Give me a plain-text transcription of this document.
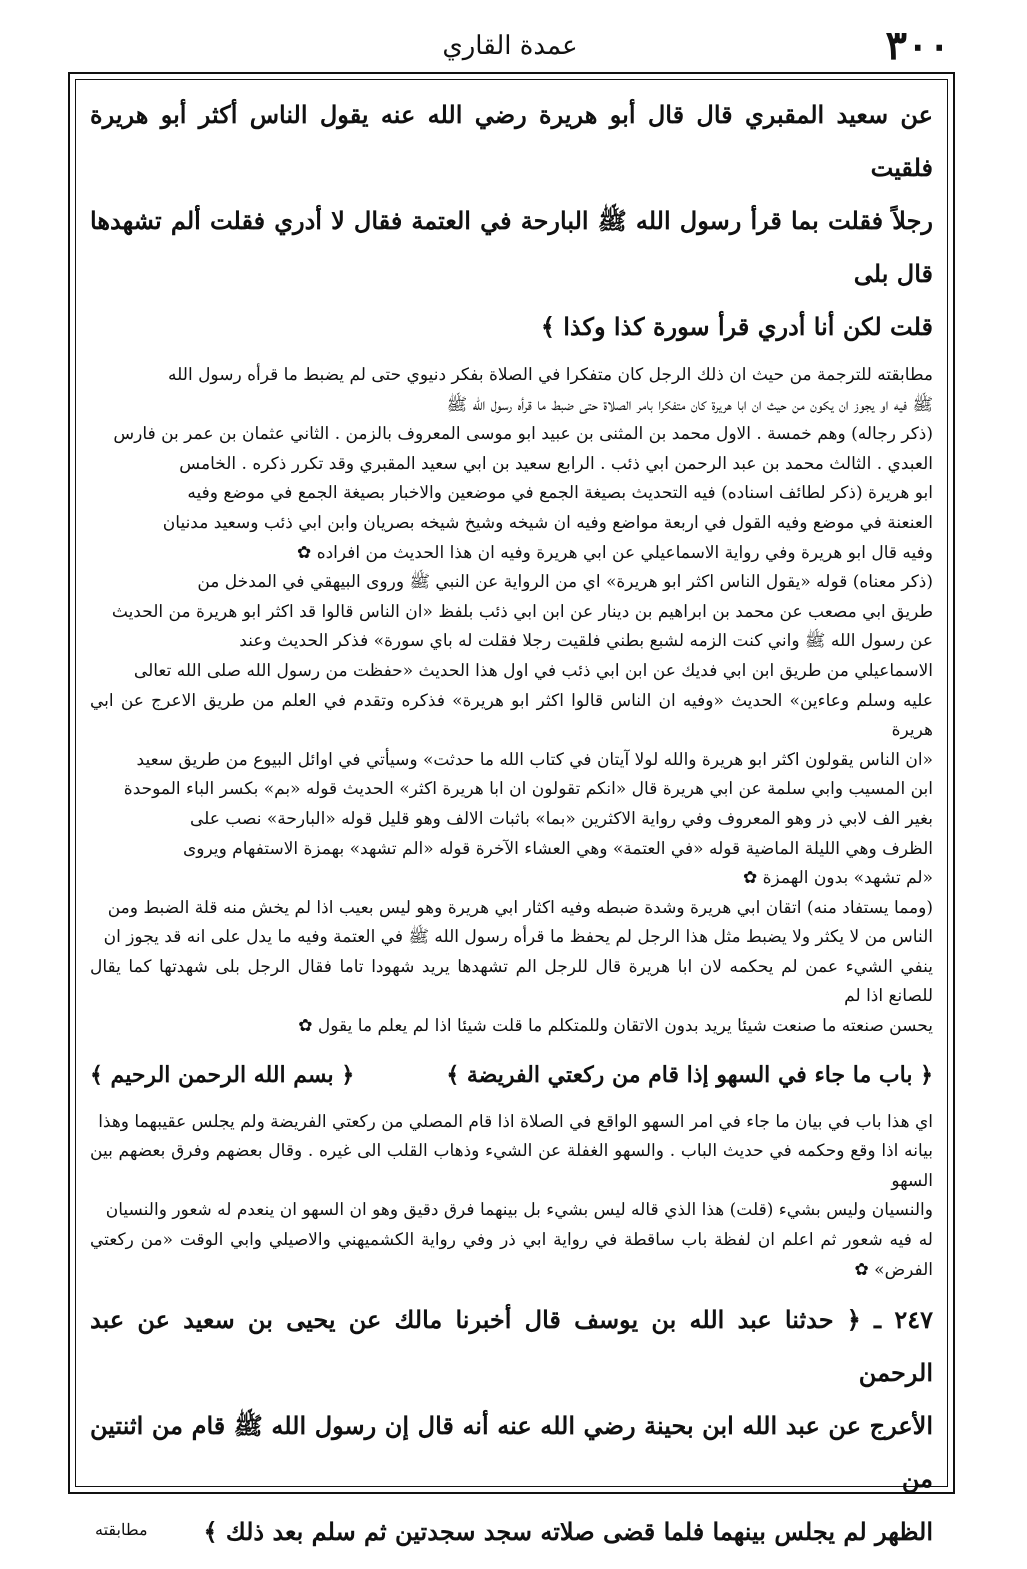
٣٠٠
عمدة القاري

عن سعيد المقبري قال قال أبو هريرة رضي الله عنه يقول الناس أكثر أبو هريرة فلقيت

رجلاً فقلت بما قرأ رسول الله ﷺ البارحة في العتمة فقال لا أدري فقلت ألم تشهدها قال بلى

قلت لكن أنا أدري قرأ سورة كذا وكذا ﴾

مطابقته للترجمة من حيث ان ذلك الرجل كان متفكرا في الصلاة بفكر دنيوي حتى لم يضبط ما قرأه رسول الله

ﷺ فيه او يجوز ان يكون من حيث ان ابا هريرة كان متفكرا بامر الصلاة حتى ضبط ما قرأه رسول الله ﷺ

(ذكر رجاله) وهم خمسة . الاول محمد بن المثنى بن عبيد ابو موسى المعروف بالزمن . الثاني عثمان بن عمر بن فارس

العبدي . الثالث محمد بن عبد الرحمن ابي ذئب . الرابع سعيد بن ابي سعيد المقبري وقد تكرر ذكره . الخامس

ابو هريرة (ذكر لطائف اسناده) فيه التحديث بصيغة الجمع في موضعين والاخبار بصيغة الجمع في موضع وفيه

العنعنة في موضع وفيه القول في اربعة مواضع وفيه ان شيخه وشيخ شيخه بصريان وابن ابي ذئب وسعيد مدنيان

وفيه قال ابو هريرة وفي رواية الاسماعيلي عن ابي هريرة وفيه ان هذا الحديث من افراده ✿

(ذكر معناه) قوله «يقول الناس اكثر ابو هريرة» اي من الرواية عن النبي ﷺ وروى البيهقي في المدخل من

طريق ابي مصعب عن محمد بن ابراهيم بن دينار عن ابن ابي ذئب بلفظ «ان الناس قالوا قد اكثر ابو هريرة من الحديث

عن رسول الله ﷺ واني كنت الزمه لشبع بطني فلقيت رجلا فقلت له باي سورة» فذكر الحديث وعند

الاسماعيلي من طريق ابن ابي فديك عن ابن ابي ذئب في اول هذا الحديث «حفظت من رسول الله صلى الله تعالى

عليه وسلم وعاءين» الحديث «وفيه ان الناس قالوا اكثر ابو هريرة» فذكره وتقدم في العلم من طريق الاعرج عن ابي هريرة

«ان الناس يقولون اكثر ابو هريرة والله لولا آيتان في كتاب الله ما حدثت» وسيأتي في اوائل البيوع من طريق سعيد

ابن المسيب وابي سلمة عن ابي هريرة قال «انكم تقولون ان ابا هريرة اكثر» الحديث قوله «بم» بكسر الباء الموحدة

بغير الف لابي ذر وهو المعروف وفي رواية الاكثرين «بما» باثبات الالف وهو قليل قوله «البارحة» نصب على

الظرف وهي الليلة الماضية قوله «في العتمة» وهي العشاء الآخرة قوله «الم تشهد» بهمزة الاستفهام ويروى

«لم تشهد» بدون الهمزة ✿

(ومما يستفاد منه) اتقان ابي هريرة وشدة ضبطه وفيه اكثار ابي هريرة وهو ليس بعيب اذا لم يخش منه قلة الضبط ومن

الناس من لا يكثر ولا يضبط مثل هذا الرجل لم يحفظ ما قرأه رسول الله ﷺ في العتمة وفيه ما يدل على انه قد يجوز ان

ينفي الشيء عمن لم يحكمه لان ابا هريرة قال للرجل الم تشهدها يريد شهودا تاما فقال الرجل بلى شهدتها كما يقال للصانع اذا لم

يحسن صنعته ما صنعت شيئا يريد بدون الاتقان وللمتكلم ما قلت شيئا اذا لم يعلم ما يقول ✿

﴿ باب ما جاء في السهو إذا قام من ركعتي الفريضة ﴾
﴿ بسم الله الرحمن الرحيم ﴾

اي هذا باب في بيان ما جاء في امر السهو الواقع في الصلاة اذا قام المصلي من ركعتي الفريضة ولم يجلس عقيبهما وهذا

بيانه اذا وقع وحكمه في حديث الباب . والسهو الغفلة عن الشيء وذهاب القلب الى غيره . وقال بعضهم وفرق بعضهم بين السهو

والنسيان وليس بشيء (قلت) هذا الذي قاله ليس بشيء بل بينهما فرق دقيق وهو ان السهو ان ينعدم له شعور والنسيان

له فيه شعور ثم اعلم ان لفظة باب ساقطة في رواية ابي ذر وفي رواية الكشميهني والاصيلي وابي الوقت «من ركعتي الفرض» ✿

٢٤٧ ـ ﴿ حدثنا عبد الله بن يوسف قال أخبرنا مالك عن يحيى بن سعيد عن عبد الرحمن

الأعرج عن عبد الله ابن بحينة رضي الله عنه أنه قال إن رسول الله ﷺ قام من اثنتين من

الظهر لم يجلس بينهما فلما قضى صلاته سجد سجدتين ثم سلم بعد ذلك ﴾

مطابقته
